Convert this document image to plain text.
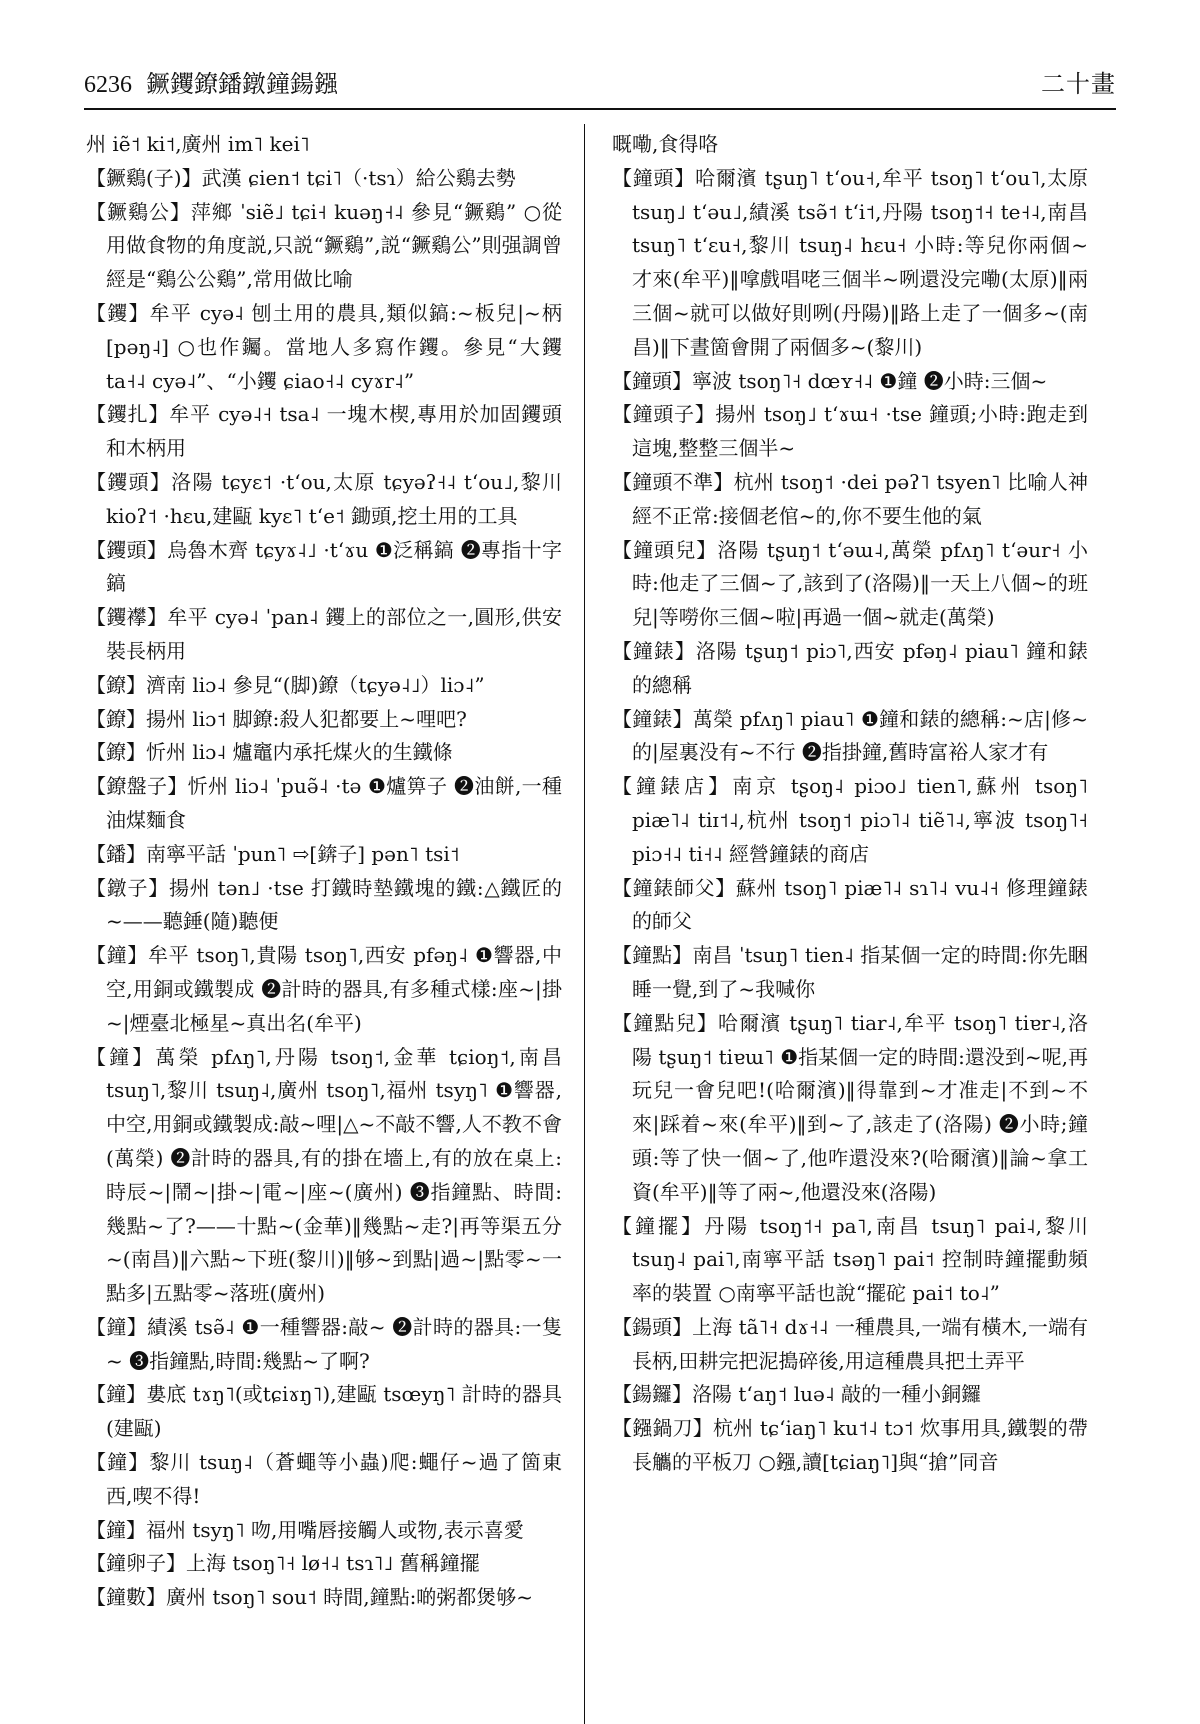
6236 鐝钁鐐鐇鐓鐘鍚鏹	二十畫

州 iẽ˦ ki˦,廣州 im˥ kei˥

【鐝鷄(子)】武漢 ɕien˦ tɕi˥（·tsɿ）給公鷄去勢

【鐝鷄公】萍鄉 ˈsiẽ˩ tɕi˧ kuəŋ˧˨ 參見“鐝鷄” ○從用做食物的角度説,只説“鐝鷄”,説“鐝鷄公”則强調曾經是“鷄公公鷄”,常用做比喻

【钁】牟平 cyə˨ 刨土用的農具,類似鎬:~板兒|~柄[pəŋ˨] ○也作钃。當地人多寫作钁。參見“大钁 ta˧˨ cyə˨”、“小钁 ɕiao˧˨ cyɤr˨”

【钁扎】牟平 cyə˨˧ tsa˨ 一塊木楔,專用於加固钁頭和木柄用

【钁頭】洛陽 tɕyɛ˦ ·tʻou,太原 tɕyəʔ˧˨ tʻou˩,黎川 kioʔ˦ ·hɛu,建甌 kyɛ˥ tʻe˦ 鋤頭,挖土用的工具

【钁頭】烏魯木齊 tɕyɤ˨˩ ·tʻɤu ❶泛稱鎬 ❷專指十字鎬

【钁襻】牟平 cyə˨ ˈpan˨ 钁上的部位之一,圓形,供安裝長柄用

【鐐】濟南 liɔ˨ 參見“(脚)鐐（tɕyə˨˩）liɔ˨”

【鐐】揚州 liɔ˦ 脚鐐:殺人犯都要上~哩吧?

【鐐】忻州 liɔ˨ 爐竈内承托煤火的生鐵條

【鐐盤子】忻州 liɔ˨ ˈpuə̃˨ ·tə ❶爐箅子 ❷油餅,一種油煤麵食

【鐇】南寧平話 ˈpun˥ ⇨[錛子] pən˥ tsi˦

【鐓子】揚州 tən˩ ·tse 打鐵時墊鐵塊的鐵:△鐵匠的~——聽錘(隨)聽便

【鐘】牟平 tsoŋ˥,貴陽 tsoŋ˥,西安 pfəŋ˨ ❶響器,中空,用銅或鐵製成 ❷計時的器具,有多種式樣:座~|掛~|煙臺北極星~真出名(牟平)

【鐘】萬榮 pfʌŋ˥,丹陽 tsoŋ˦,金華 tɕioŋ˦,南昌 tsuŋ˥,黎川 tsuŋ˨,廣州 tsoŋ˥,福州 tsyŋ˥ ❶響器,中空,用銅或鐵製成:敲~哩|△~不敲不響,人不教不會(萬榮) ❷計時的器具,有的掛在墻上,有的放在桌上:時辰~|鬧~|掛~|電~|座~(廣州) ❸指鐘點、時間:幾點~了?——十點~(金華)‖幾點~走?|再等渠五分~(南昌)‖六點~下班(黎川)‖够~到點|過~|點零~一點多|五點零~落班(廣州)

【鐘】績溪 tsə̃˨ ❶一種響器:敲~ ❷計時的器具:一隻~ ❸指鐘點,時間:幾點~了啊?

【鐘】婁底 tɤŋ˥(或tɕiɤŋ˥),建甌 tsœyŋ˥ 計時的器具(建甌)

【鐘】黎川 tsuŋ˨（蒼蠅等小蟲)爬:蠅仔~過了箇東西,喫不得!

【鐘】福州 tsyŋ˥ 吻,用嘴唇接觸人或物,表示喜愛

【鐘卵子】上海 tsoŋ˥˧ lø˧˨ tsɿ˥˩ 舊稱鐘擺

【鐘數】廣州 tsoŋ˥ sou˦ 時間,鐘點:啲粥都煲够~

嘅嘞,食得咯

【鐘頭】哈爾濱 tʂuŋ˥ tʻou˧,牟平 tsoŋ˥ tʻou˥,太原 tsuŋ˩ tʻəu˩,績溪 tsə̃˦ tʻi˦,丹陽 tsoŋ˦˧ te˧˨,南昌 tsuŋ˥ tʻɛu˧,黎川 tsuŋ˨ hɛu˧ 小時:等兒你兩個~才來(牟平)‖嗱戲唱咾三個半~咧還没完嘞(太原)‖兩三個~就可以做好則咧(丹陽)‖路上走了一個多~(南昌)‖下晝箇會開了兩個多~(黎川)

【鐘頭】寧波 tsoŋ˥˧ dœʏ˧˨ ❶鐘 ❷小時:三個~

【鐘頭子】揚州 tsoŋ˩ tʻɤɯ˧ ·tse 鐘頭;小時:跑走到這塊,整整三個半~

【鐘頭不準】杭州 tsoŋ˦ ·dei pəʔ˥ tsyen˥ 比喻人神經不正常:接個老倌~的,你不要生他的氣

【鐘頭兒】洛陽 tʂuŋ˦ tʻəɯ˨,萬榮 pfʌŋ˥ tʻəur˧ 小時:他走了三個~了,該到了(洛陽)‖一天上八個~的班兒|等嘮你三個~啦|再過一個~就走(萬榮)

【鐘錶】洛陽 tʂuŋ˦ piɔ˥,西安 pfəŋ˨ piau˥ 鐘和錶的總稱

【鐘錶】萬榮 pfʌŋ˥ piau˥ ❶鐘和錶的總稱:~店|修~的|屋裏没有~不行 ❷指掛鐘,舊時富裕人家才有

【鐘錶店】南京 tʂoŋ˨ piɔo˩ tien˥,蘇州 tsoŋ˥ piæ˥˨ tiɪ˦˨,杭州 tsoŋ˦ piɔ˥˨ tiẽ˥˨,寧波 tsoŋ˥˧ piɔ˧˨ ti˧˨ 經營鐘錶的商店

【鐘錶師父】蘇州 tsoŋ˥ piæ˥˨ sɿ˥˨ vu˨˧ 修理鐘錶的師父

【鐘點】南昌 ˈtsuŋ˥ tien˨ 指某個一定的時間:你先睏睡一覺,到了~我喊你

【鐘點兒】哈爾濱 tʂuŋ˥ tiar˨,牟平 tsoŋ˥ tiɐr˨,洛陽 tʂuŋ˦ tiɐɯ˥ ❶指某個一定的時間:還没到~呢,再玩兒一會兒吧!(哈爾濱)‖得靠到~才准走|不到~不來|踩着~來(牟平)‖到~了,該走了(洛陽) ❷小時;鐘頭:等了快一個~了,他咋還没來?(哈爾濱)‖論~拿工資(牟平)‖等了兩~,他還没來(洛陽)

【鐘擺】丹陽 tsoŋ˦˧ pa˥,南昌 tsuŋ˥ pai˨,黎川 tsuŋ˨ pai˥,南寧平話 tsəŋ˥ pai˦ 控制時鐘擺動頻率的裝置 ○南寧平話也說“擺砣 pai˦ to˨”

【鍚頭】上海 tã˥˧ dɤ˧˨ 一種農具,一端有橫木,一端有長柄,田耕完把泥搗碎後,用這種農具把土弄平

【鍚鑼】洛陽 tʻaŋ˦ luə˨ 敲的一種小銅鑼

【鏹鍋刀】杭州 tɕʻiaŋ˥ ku˦˨ tɔ˦ 炊事用具,鐵製的帶長觿的平板刀 ○鏹,讀[tɕiaŋ˥]與“搶”同音
